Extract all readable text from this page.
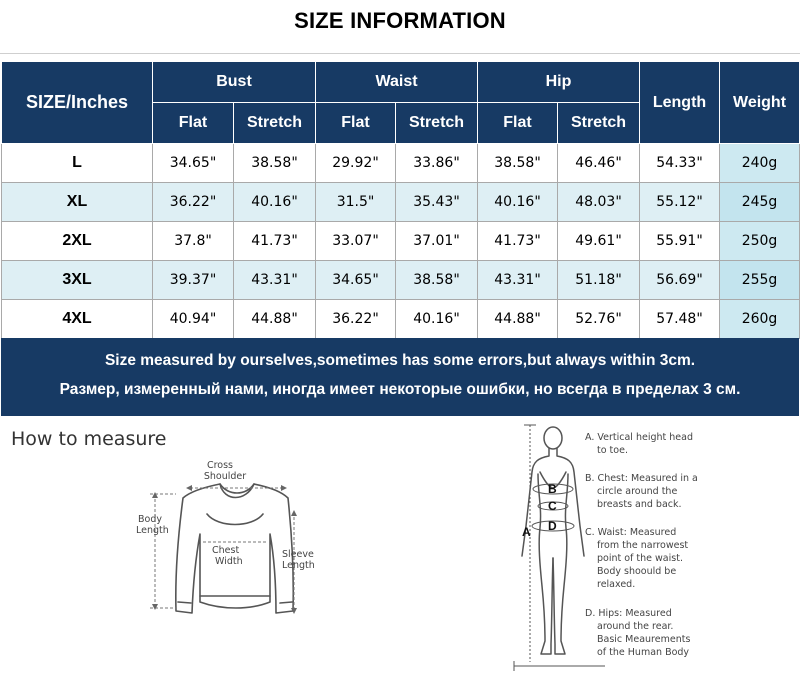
SIZE INFORMATION
SIZE/Inches	Bust		Waist		Hip		Length	Weight
	Flat	Stretch	Flat	Stretch	Flat	Stretch		
L	34.65"	38.58"	29.92"	33.86"	38.58"	46.46"	54.33"	240g
XL	36.22"	40.16"	31.5"	35.43"	40.16"	48.03"	55.12"	245g
2XL	37.8"	41.73"	33.07"	37.01"	41.73"	49.61"	55.91"	250g
3XL	39.37"	43.31"	34.65"	38.58"	43.31"	51.18"	56.69"	255g
4XL	40.94"	44.88"	36.22"	40.16"	44.88"	52.76"	57.48"	260g
Size measured by ourselves,sometimes has some errors,but always within 3cm.
Размер, измеренный нами, иногда имеет некоторые ошибки, но всегда в пределах 3 см.
How to measure
Cross
Shoulder
Body
Length
Chest
Width
Sleeve
Length
A
B
C
D
A. Vertical height head
to toe.
B. Chest: Measured in a
circle around the
breasts and back.
C. Waist: Measured
from the narrowest
point of the waist.
Body shoould be
relaxed.
D. Hips: Measured
around the rear.
Basic Meaurements
of the Human Body
